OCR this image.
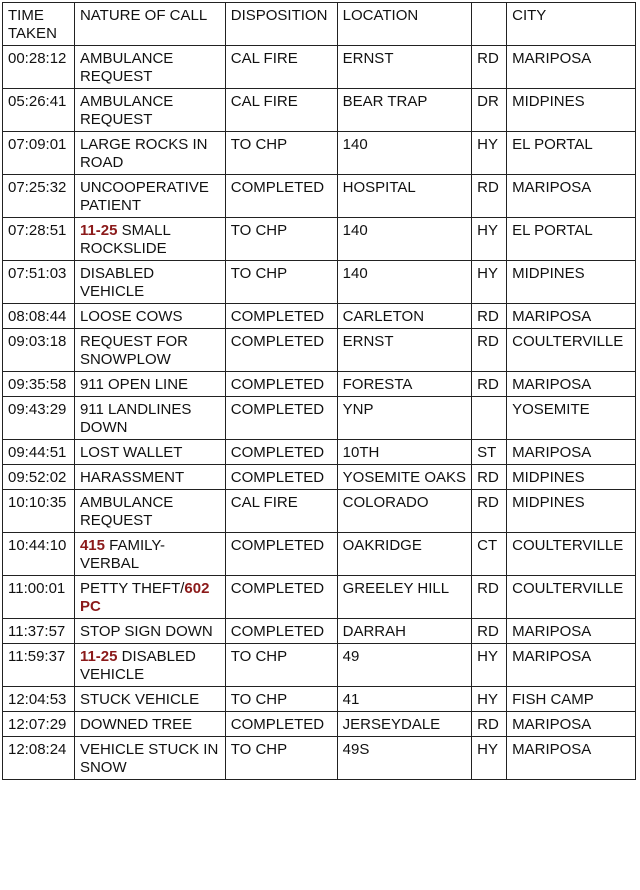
TIME TAKEN	NATURE OF CALL	DISPOSITION	LOCATION		CITY
00:28:12	AMBULANCE REQUEST	CAL FIRE	ERNST	RD	MARIPOSA
05:26:41	AMBULANCE REQUEST	CAL FIRE	BEAR TRAP	DR	MIDPINES
07:09:01	LARGE ROCKS IN ROAD	TO CHP	140	HY	EL PORTAL
07:25:32	UNCOOPERATIVE PATIENT	COMPLETED	HOSPITAL	RD	MARIPOSA
07:28:51	11-25 SMALL ROCKSLIDE	TO CHP	140	HY	EL PORTAL
07:51:03	DISABLED VEHICLE	TO CHP	140	HY	MIDPINES
08:08:44	LOOSE COWS	COMPLETED	CARLETON	RD	MARIPOSA
09:03:18	REQUEST FOR SNOWPLOW	COMPLETED	ERNST	RD	COULTERVILLE
09:35:58	911 OPEN LINE	COMPLETED	FORESTA	RD	MARIPOSA
09:43:29	911 LANDLINES DOWN	COMPLETED	YNP		YOSEMITE
09:44:51	LOST WALLET	COMPLETED	10TH	ST	MARIPOSA
09:52:02	HARASSMENT	COMPLETED	YOSEMITE OAKS	RD	MIDPINES
10:10:35	AMBULANCE REQUEST	CAL FIRE	COLORADO	RD	MIDPINES
10:44:10	415 FAMILY-VERBAL	COMPLETED	OAKRIDGE	CT	COULTERVILLE
11:00:01	PETTY THEFT/602 PC	COMPLETED	GREELEY HILL	RD	COULTERVILLE
11:37:57	STOP SIGN DOWN	COMPLETED	DARRAH	RD	MARIPOSA
11:59:37	11-25 DISABLED VEHICLE	TO CHP	49	HY	MARIPOSA
12:04:53	STUCK VEHICLE	TO CHP	41	HY	FISH CAMP
12:07:29	DOWNED TREE	COMPLETED	JERSEYDALE	RD	MARIPOSA
12:08:24	VEHICLE STUCK IN SNOW	TO CHP	49S	HY	MARIPOSA
